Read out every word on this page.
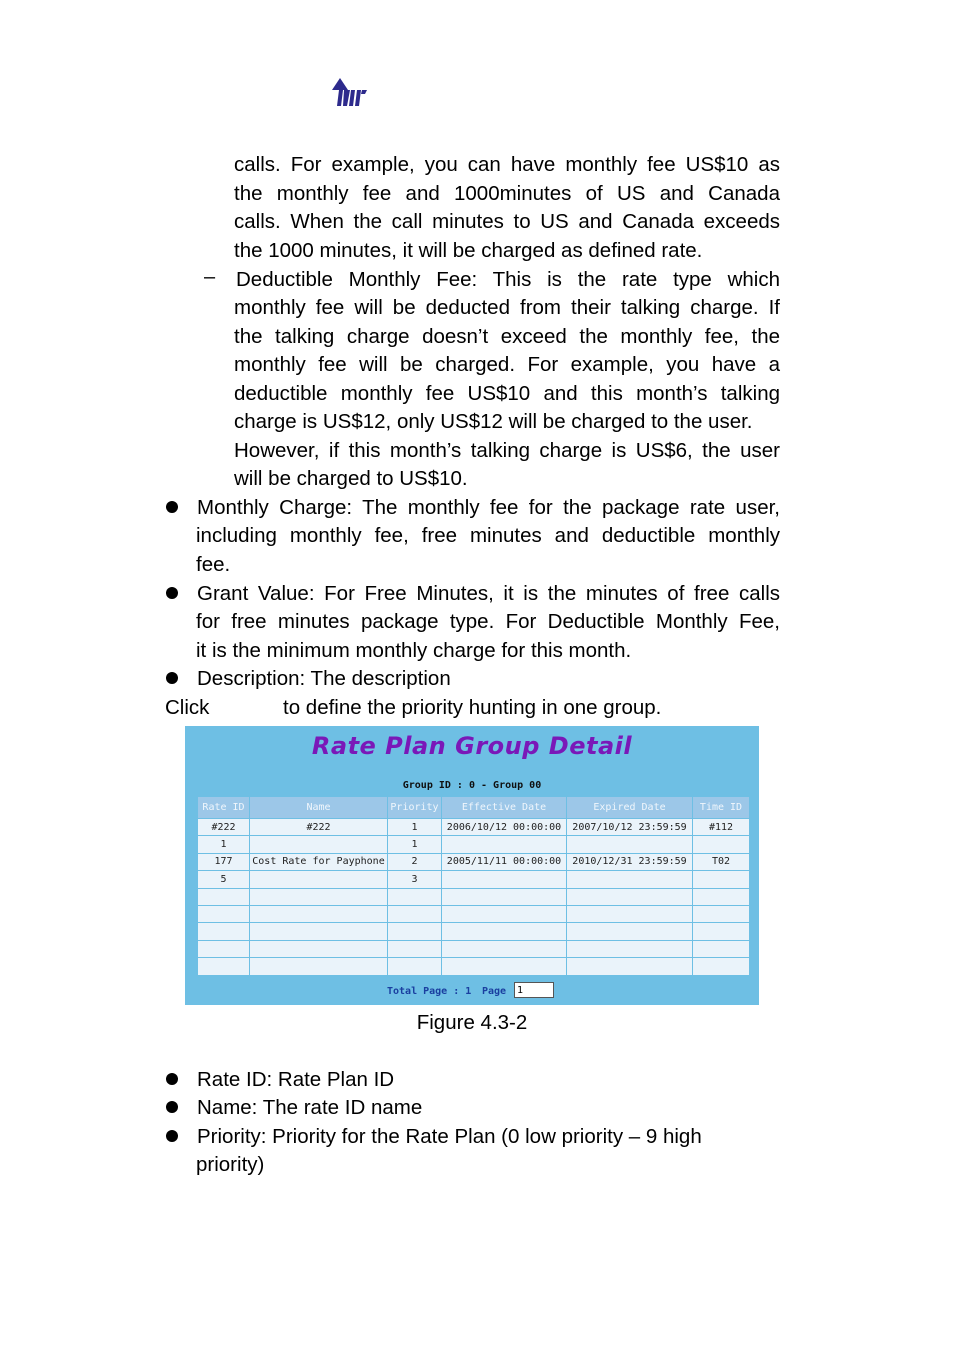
calls. For example, you can have monthly fee US$10 as
the monthly fee and 1000minutes of US and Canada
calls. When the call minutes to US and Canada exceeds
the 1000 minutes, it will be charged as defined rate.
– Deductible Monthly Fee: This is the rate type which
monthly fee will be deducted from their talking charge. If
the talking charge doesn’t exceed the monthly fee, the
monthly fee will be charged. For example, you have a
deductible monthly fee US$10 and this month’s talking
charge is US$12, only US$12 will be charged to the user.
However, if this month’s talking charge is US$6, the user
will be charged to US$10.
Monthly Charge: The monthly fee for the package rate user,
including monthly fee, free minutes and deductible monthly
fee.
Grant Value: For Free Minutes, it is the minutes of free calls
for free minutes package type. For Deductible Monthly Fee,
it is the minimum monthly charge for this month.
Description: The description
Click	to define the priority hunting in one group.
Rate Plan Group Detail
Group ID : 0 - Group 00
Rate ID	Name	Priority	Effective Date	Expired Date	Time ID
#222	#222	1	2006/10/12 00:00:00	2007/10/12 23:59:59	#112
1		1			
177	Cost Rate for Payphone	2	2005/11/11 00:00:00	2010/12/31 23:59:59	T02
5		3			

Total Page : 1 Page
1
Figure 4.3-2
Rate ID: Rate Plan ID
Name: The rate ID name
Priority: Priority for the Rate Plan (0 low priority – 9 high
priority)
